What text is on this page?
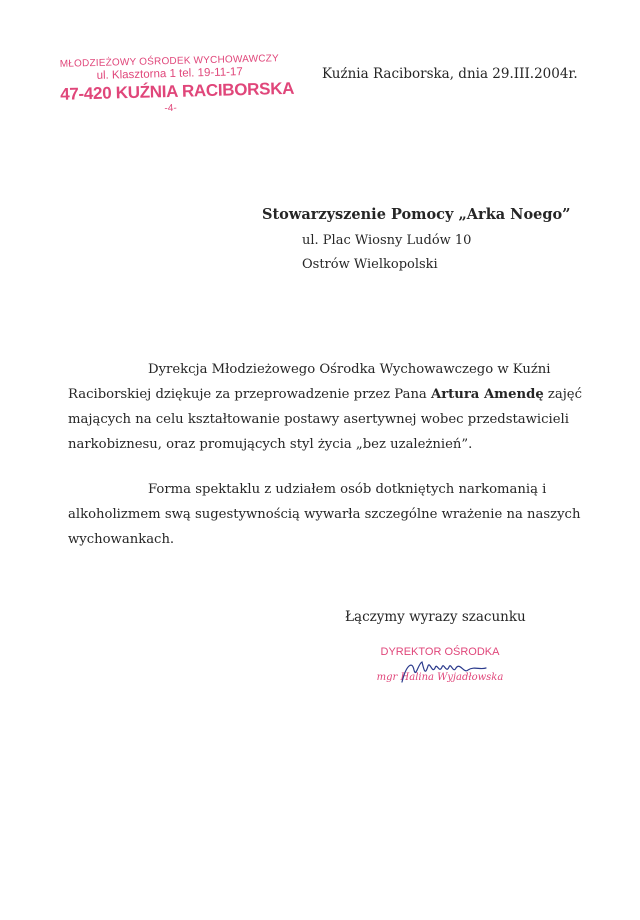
MŁODZIEŻOWY OŚRODEK WYCHOWAWCZY
ul. Klasztorna 1 tel. 19-11-17
47-420 KUŹNIA RACIBORSKA
-4-
Kuźnia Raciborska, dnia 29.III.2004r.
Stowarzyszenie Pomocy „Arka Noego”
ul. Plac Wiosny Ludów 10
Ostrów Wielkopolski

Dyrekcja Młodzieżowego Ośrodka Wychowawczego w Kuźni
Raciborskiej dziękuje za przeprowadzenie przez Pana Artura Amendę zajęć
mających na celu kształtowanie postawy asertywnej wobec przedstawicieli
narkobiznesu, oraz promujących styl życia „bez uzależnień”.

Forma spektaklu z udziałem osób dotkniętych narkomanią i
alkoholizmem swą sugestywnością wywarła szczególne wrażenie na naszych
wychowankach.

Łączymy wyrazy szacunku
DYREKTOR OŚRODKA
mgr Halina Wyjadłowska
